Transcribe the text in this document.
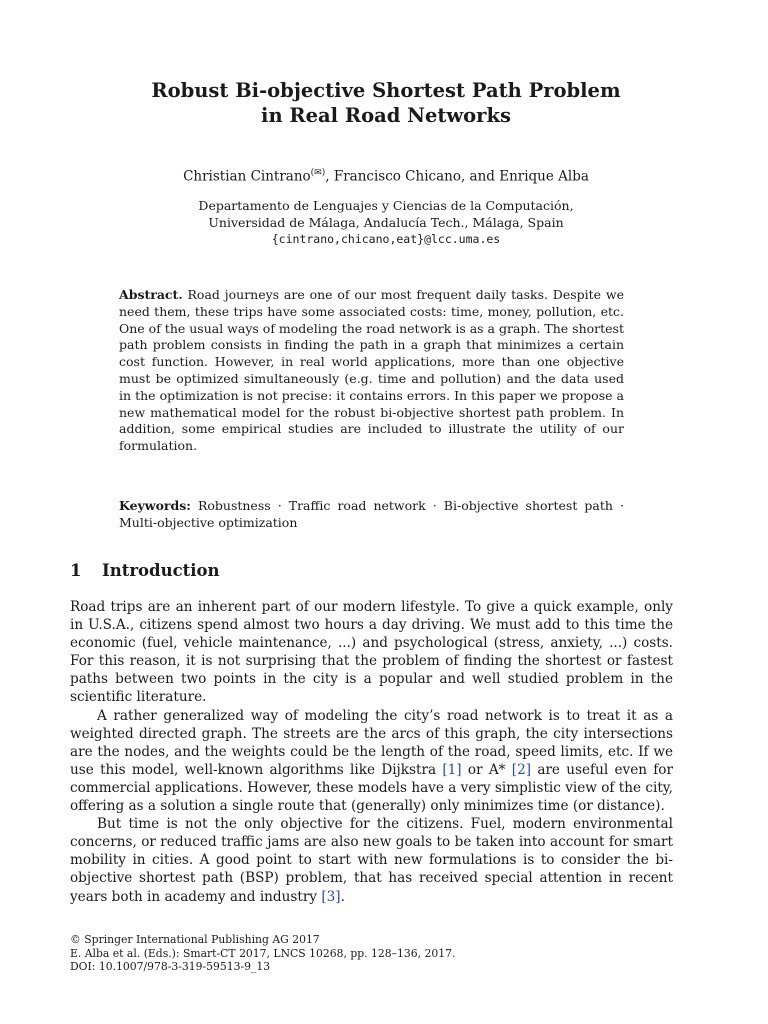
Robust Bi-objective Shortest Path Problem
in Real Road Networks
Christian Cintrano(✉), Francisco Chicano, and Enrique Alba
Departamento de Lenguajes y Ciencias de la Computación,
Universidad de Málaga, Andalucía Tech., Málaga, Spain
{cintrano,chicano,eat}@lcc.uma.es

Abstract. Road journeys are one of our most frequent daily tasks. Despite we need them, these trips have some associated costs: time, money, pollution, etc. One of the usual ways of modeling the road network is as a graph. The shortest path problem consists in finding the path in a graph that minimizes a certain cost function. However, in real world applications, more than one objective must be optimized simultaneously (e.g. time and pollution) and the data used in the optimization is not precise: it contains errors. In this paper we propose a new mathematical model for the robust bi-objective shortest path problem. In addition, some empirical studies are included to illustrate the utility of our formulation.

Keywords: Robustness · Traffic road network · Bi-objective shortest path · Multi-objective optimization

1 Introduction

Road trips are an inherent part of our modern lifestyle. To give a quick example, only in U.S.A., citizens spend almost two hours a day driving. We must add to this time the economic (fuel, vehicle maintenance, ...) and psychological (stress, anxiety, ...) costs. For this reason, it is not surprising that the problem of finding the shortest or fastest paths between two points in the city is a popular and well studied problem in the scientific literature.

A rather generalized way of modeling the city’s road network is to treat it as a weighted directed graph. The streets are the arcs of this graph, the city intersections are the nodes, and the weights could be the length of the road, speed limits, etc. If we use this model, well-known algorithms like Dijkstra [1] or A* [2] are useful even for commercial applications. However, these models have a very simplistic view of the city, offering as a solution a single route that (generally) only minimizes time (or distance).

But time is not the only objective for the citizens. Fuel, modern environmental concerns, or reduced traffic jams are also new goals to be taken into account for smart mobility in cities. A good point to start with new formulations is to consider the bi-objective shortest path (BSP) problem, that has received special attention in recent years both in academy and industry [3].

© Springer International Publishing AG 2017
E. Alba et al. (Eds.): Smart-CT 2017, LNCS 10268, pp. 128–136, 2017.
DOI: 10.1007/978-3-319-59513-9_13
